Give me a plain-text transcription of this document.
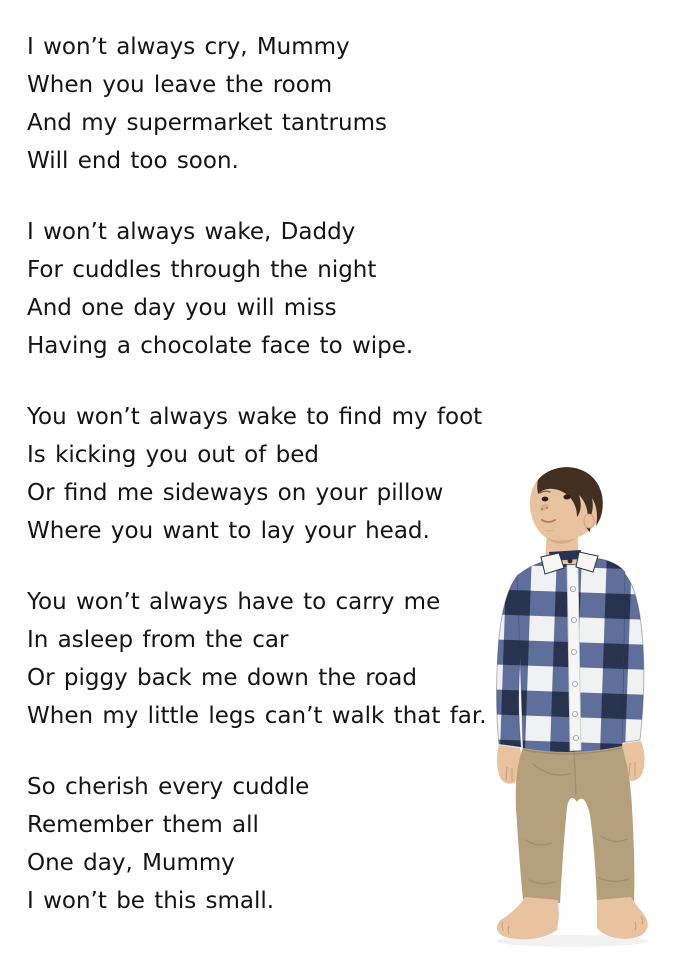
I won’t always cry, Mummy
When you leave the room
And my supermarket tantrums
Will end too soon.
I won’t always wake, Daddy
For cuddles through the night
And one day you will miss
Having a chocolate face to wipe.
You won’t always wake to find my foot
Is kicking you out of bed
Or find me sideways on your pillow
Where you want to lay your head.
You won’t always have to carry me
In asleep from the car
Or piggy back me down the road
When my little legs can’t walk that far.
So cherish every cuddle
Remember them all
One day, Mummy
I won’t be this small.
